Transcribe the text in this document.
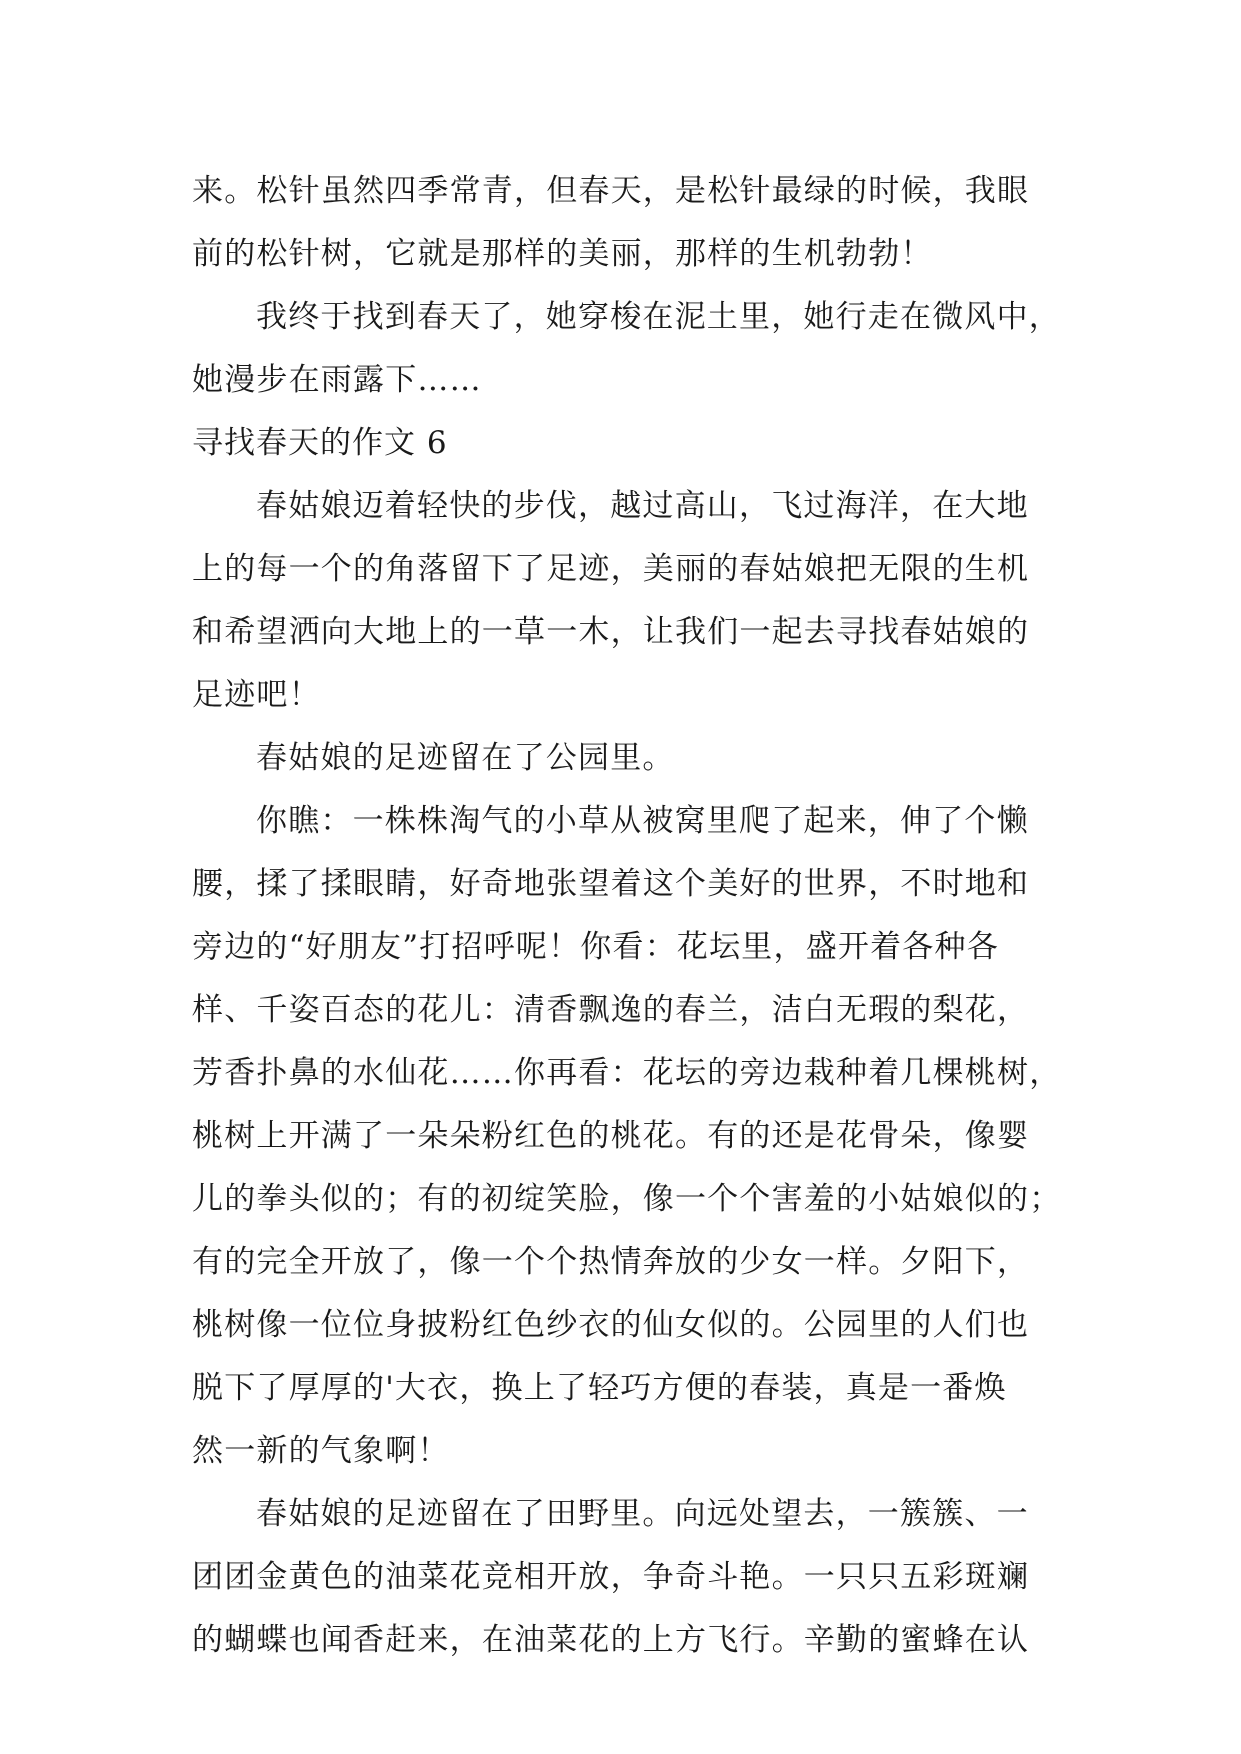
来。松针虽然四季常青，但春天，是松针最绿的时候，我眼
前的松针树，它就是那样的美丽，那样的生机勃勃！
我终于找到春天了，她穿梭在泥土里，她行走在微风中，
她漫步在雨露下……
寻找春天的作文 6
春姑娘迈着轻快的步伐，越过高山，飞过海洋，在大地
上的每一个的角落留下了足迹，美丽的春姑娘把无限的生机
和希望洒向大地上的一草一木，让我们一起去寻找春姑娘的
足迹吧！
春姑娘的足迹留在了公园里。
你瞧：一株株淘气的小草从被窝里爬了起来，伸了个懒
腰，揉了揉眼睛，好奇地张望着这个美好的世界，不时地和
旁边的“好朋友”打招呼呢！你看：花坛里，盛开着各种各
样、千姿百态的花儿：清香飘逸的春兰，洁白无瑕的梨花，
芳香扑鼻的水仙花……你再看：花坛的旁边栽种着几棵桃树，
桃树上开满了一朵朵粉红色的桃花。有的还是花骨朵，像婴
儿的拳头似的；有的初绽笑脸，像一个个害羞的小姑娘似的；
有的完全开放了，像一个个热情奔放的少女一样。夕阳下，
桃树像一位位身披粉红色纱衣的仙女似的。公园里的人们也
脱下了厚厚的'大衣，换上了轻巧方便的春装，真是一番焕
然一新的气象啊！
春姑娘的足迹留在了田野里。向远处望去，一簇簇、一
团团金黄色的油菜花竞相开放，争奇斗艳。一只只五彩斑斓
的蝴蝶也闻香赶来，在油菜花的上方飞行。辛勤的蜜蜂在认
